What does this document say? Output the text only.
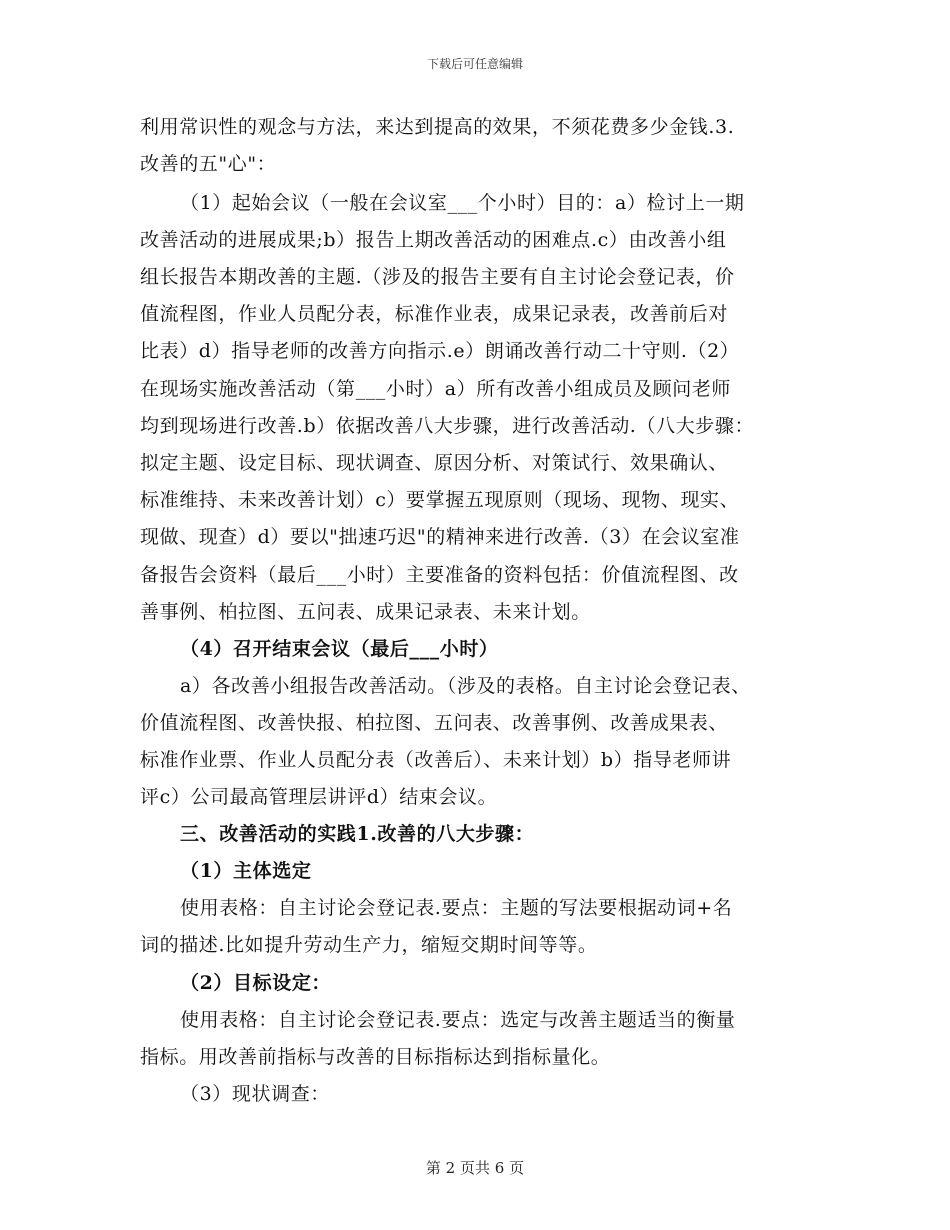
下载后可任意编辑
利用常识性的观念与方法，来达到提高的效果，不须花费多少金钱.3.
改善的五"心"：
（1）起始会议（一般在会议室___个小时）目的：a）检讨上一期
改善活动的进展成果;b）报告上期改善活动的困难点.c）由改善小组
组长报告本期改善的主题.（涉及的报告主要有自主讨论会登记表，价
值流程图，作业人员配分表，标准作业表，成果记录表，改善前后对
比表）d）指导老师的改善方向指示.e）朗诵改善行动二十守则.（2）
在现场实施改善活动（第___小时）a）所有改善小组成员及顾问老师
均到现场进行改善.b）依据改善八大步骤，进行改善活动.（八大步骤：
拟定主题、设定目标、现状调查、原因分析、对策试行、效果确认、
标准维持、未来改善计划）c）要掌握五现原则（现场、现物、现实、
现做、现查）d）要以"拙速巧迟"的精神来进行改善.（3）在会议室准
备报告会资料（最后___小时）主要准备的资料包括：价值流程图、改
善事例、柏拉图、五问表、成果记录表、未来计划。
（4）召开结束会议（最后___小时）
a）各改善小组报告改善活动。（涉及的表格。自主讨论会登记表、
价值流程图、改善快报、柏拉图、五问表、改善事例、改善成果表、
标准作业票、作业人员配分表（改善后）、未来计划）b）指导老师讲
评c）公司最高管理层讲评d）结束会议。
三、改善活动的实践1.改善的八大步骤：
（1）主体选定
使用表格：自主讨论会登记表.要点：主题的写法要根据动词+名
词的描述.比如提升劳动生产力，缩短交期时间等等。
（2）目标设定：
使用表格：自主讨论会登记表.要点：选定与改善主题适当的衡量
指标。用改善前指标与改善的目标指标达到指标量化。
（3）现状调查：
第 2 页共 6 页
